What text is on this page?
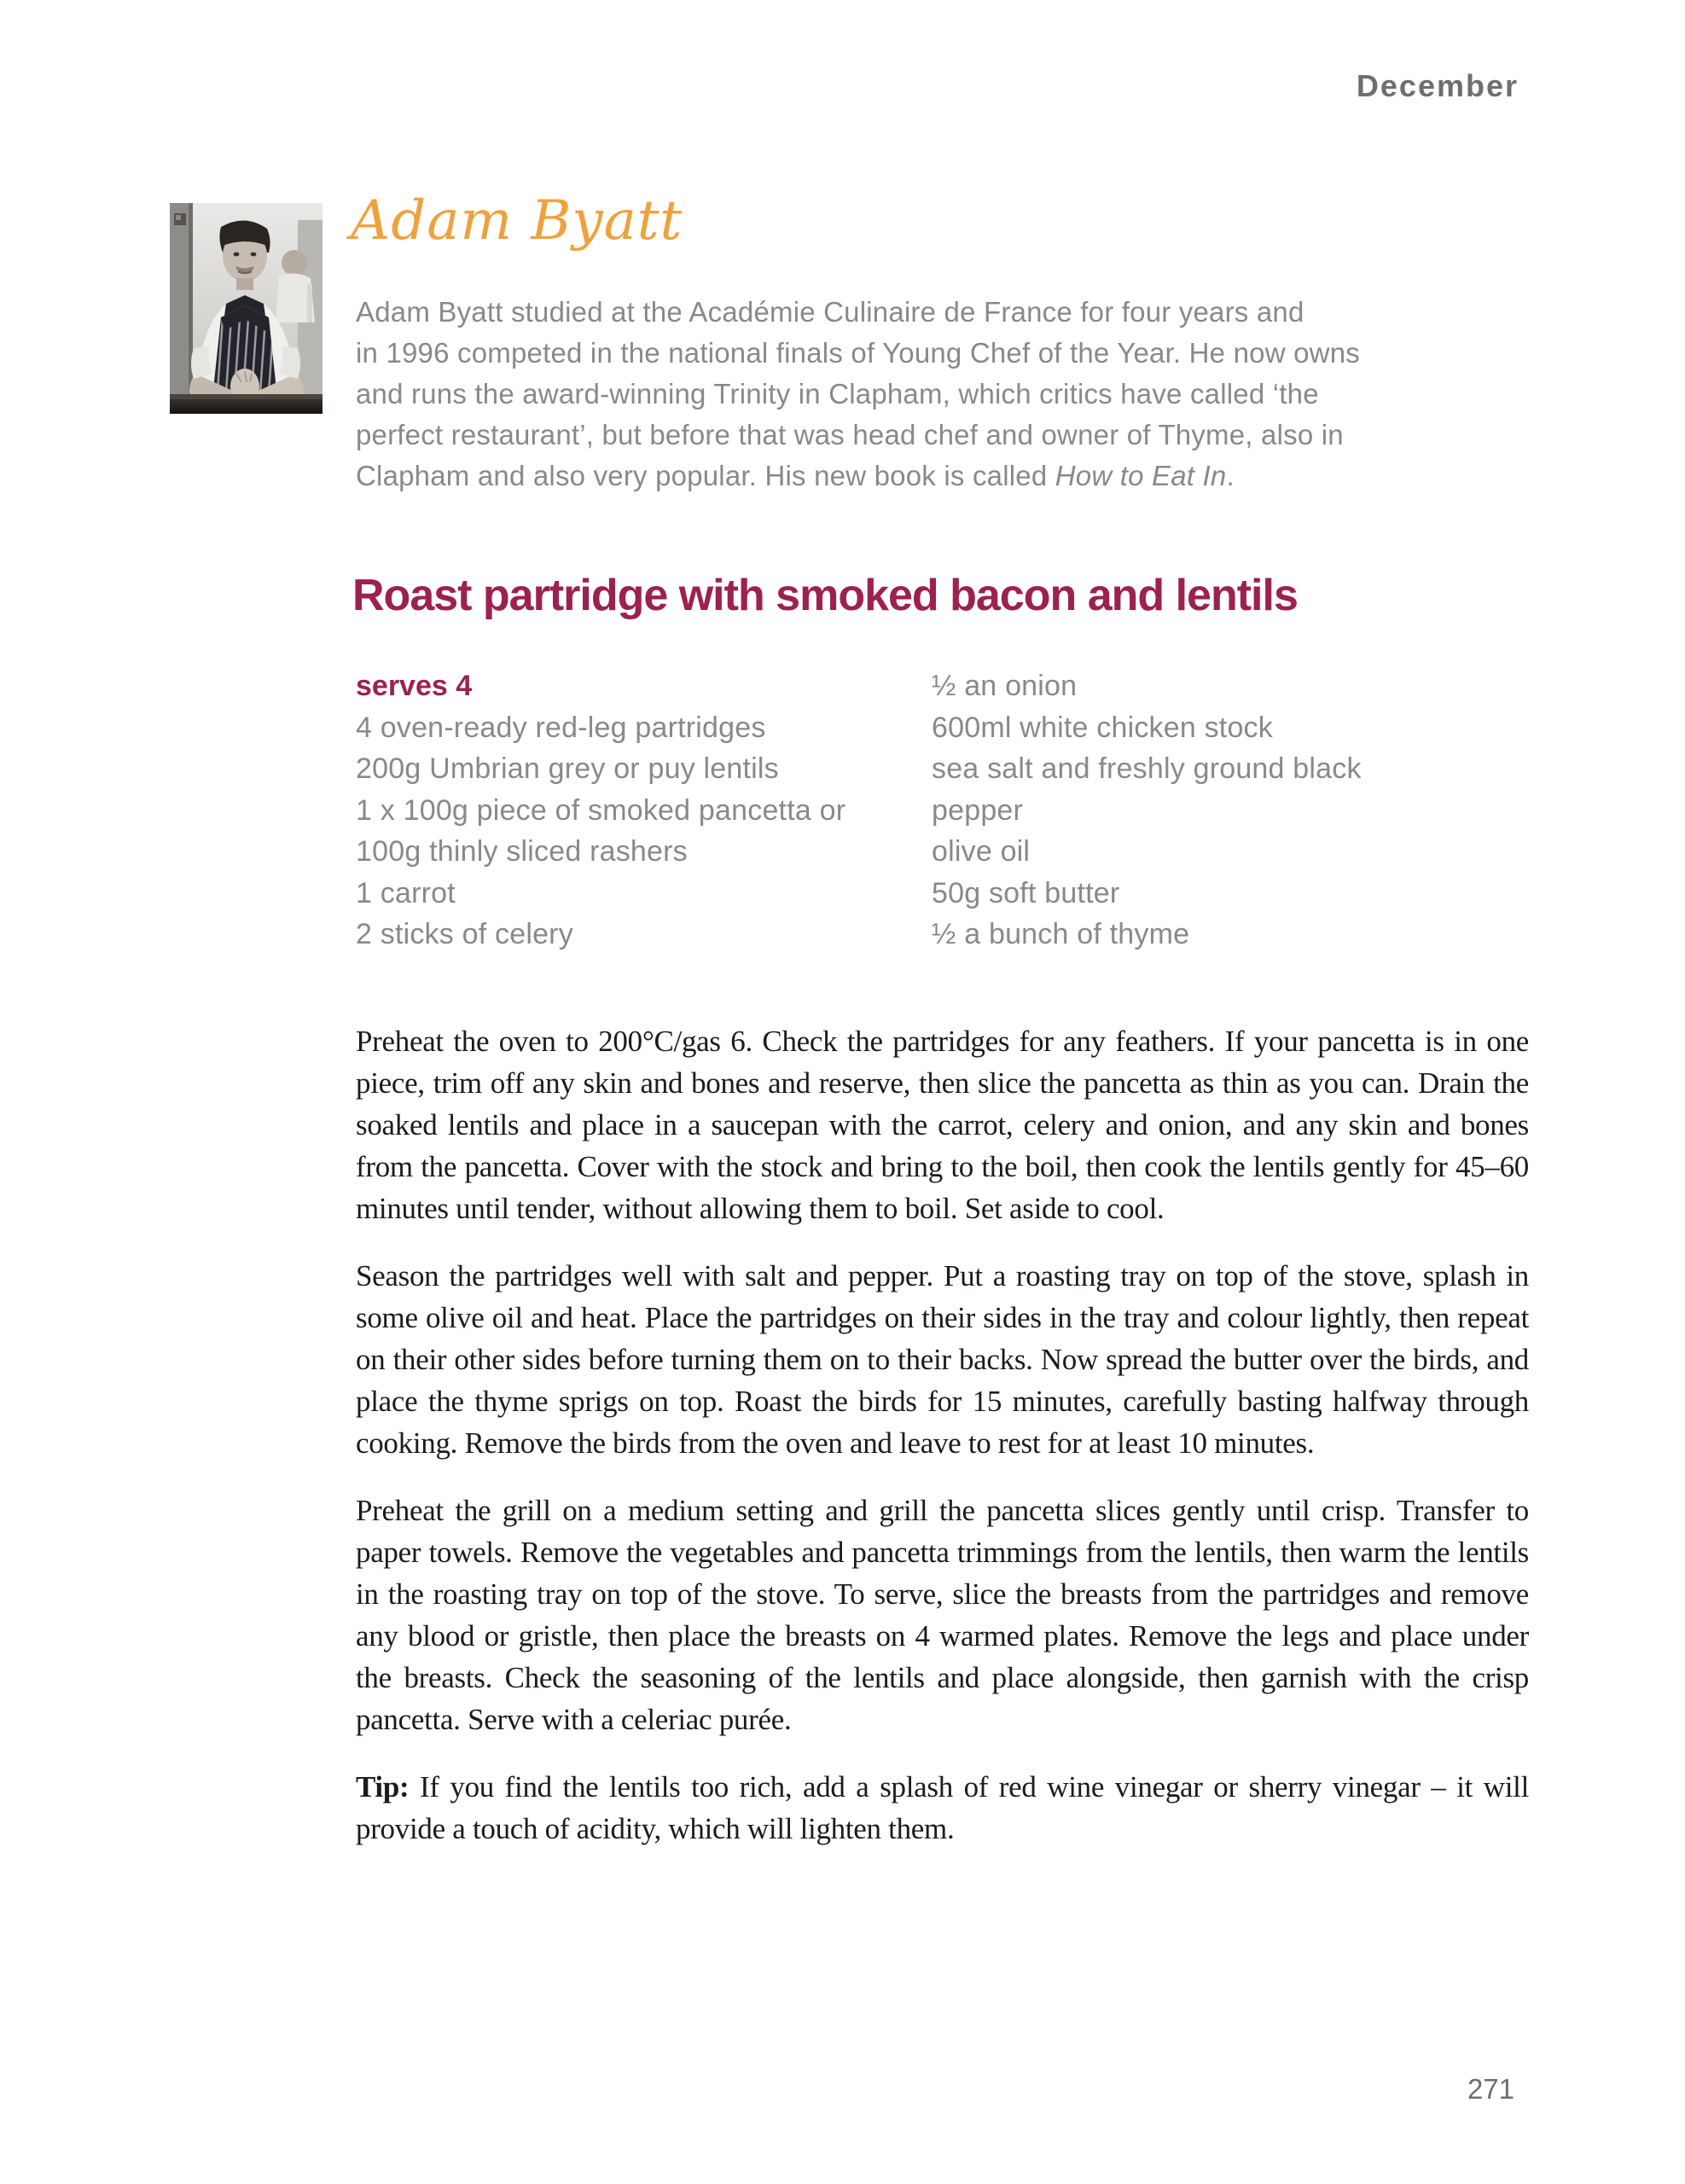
December
Adam Byatt
Adam Byatt studied at the Académie Culinaire de France for four years and
in 1996 competed in the national finals of Young Chef of the Year. He now owns
and runs the award-winning Trinity in Clapham, which critics have called ‘the
perfect restaurant’, but before that was head chef and owner of Thyme, also in
Clapham and also very popular. His new book is called How to Eat In.
Roast partridge with smoked bacon and lentils
serves 4
4 oven-ready red-leg partridges
200g Umbrian grey or puy lentils
1 x 100g piece of smoked pancetta or
100g thinly sliced rashers
1 carrot
2 sticks of celery
½ an onion
600ml white chicken stock
sea salt and freshly ground black
pepper
olive oil
50g soft butter
½ a bunch of thyme

Preheat the oven to 200°C/gas 6. Check the partridges for any feathers. If your pancetta is in one piece, trim off any skin and bones and reserve, then slice the pancetta as thin as you can. Drain the soaked lentils and place in a saucepan with the carrot, celery and onion, and any skin and bones from the pancetta. Cover with the stock and bring to the boil, then cook the lentils gently for 45–60 minutes until tender, without allowing them to boil. Set aside to cool.

Season the partridges well with salt and pepper. Put a roasting tray on top of the stove, splash in some olive oil and heat. Place the partridges on their sides in the tray and colour lightly, then repeat on their other sides before turning them on to their backs. Now spread the butter over the birds, and place the thyme sprigs on top. Roast the birds for 15 minutes, carefully basting halfway through cooking. Remove the birds from the oven and leave to rest for at least 10 minutes.

Preheat the grill on a medium setting and grill the pancetta slices gently until crisp. Transfer to paper towels. Remove the vegetables and pancetta trimmings from the lentils, then warm the lentils in the roasting tray on top of the stove. To serve, slice the breasts from the partridges and remove any blood or gristle, then place the breasts on 4 warmed plates. Remove the legs and place under the breasts. Check the seasoning of the lentils and place alongside, then garnish with the crisp pancetta. Serve with a celeriac purée.

Tip: If you find the lentils too rich, add a splash of red wine vinegar or sherry vinegar – it will provide a touch of acidity, which will lighten them.

271
